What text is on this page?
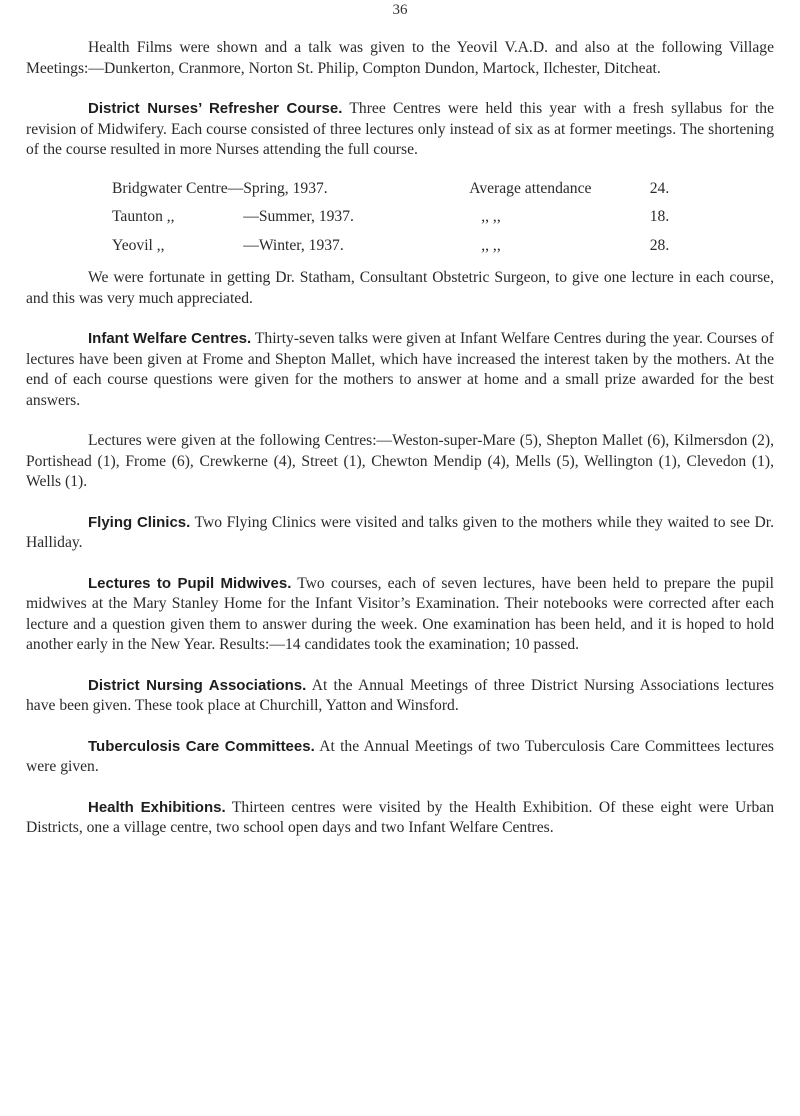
36

Health Films were shown and a talk was given to the Yeovil V.A.D. and also at the following Village Meetings:—Dunkerton, Cranmore, Norton St. Philip, Compton Dundon, Martock, Ilchester, Ditcheat.

District Nurses’ Refresher Course. Three Centres were held this year with a fresh syllabus for the revision of Midwifery. Each course consisted of three lectures only instead of six as at former meetings. The shortening of the course resulted in more Nurses attending the full course.

Bridgwater Centre—	Spring, 1937.	Average attendance	24.
Taunton ,,	—Summer, 1937.	,, ,,	18.
Yeovil ,,	—Winter, 1937.	,, ,,	28.

We were fortunate in getting Dr. Statham, Consultant Obstetric Surgeon, to give one lecture in each course, and this was very much appreciated.

Infant Welfare Centres. Thirty-seven talks were given at Infant Welfare Centres during the year. Courses of lectures have been given at Frome and Shepton Mallet, which have increased the interest taken by the mothers. At the end of each course questions were given for the mothers to answer at home and a small prize awarded for the best answers.

Lectures were given at the following Centres:—Weston-super-Mare (5), Shepton Mallet (6), Kilmersdon (2), Portishead (1), Frome (6), Crewkerne (4), Street (1), Chewton Mendip (4), Mells (5), Wellington (1), Clevedon (1), Wells (1).

Flying Clinics. Two Flying Clinics were visited and talks given to the mothers while they waited to see Dr. Halliday.

Lectures to Pupil Midwives. Two courses, each of seven lectures, have been held to prepare the pupil midwives at the Mary Stanley Home for the Infant Visitor’s Examination. Their notebooks were corrected after each lecture and a question given them to answer during the week. One examination has been held, and it is hoped to hold another early in the New Year. Results:—14 candidates took the examination; 10 passed.

District Nursing Associations. At the Annual Meetings of three District Nursing Associations lectures have been given. These took place at Churchill, Yatton and Winsford.

Tuberculosis Care Committees. At the Annual Meetings of two Tuberculosis Care Committees lectures were given.

Health Exhibitions. Thirteen centres were visited by the Health Exhibition. Of these eight were Urban Districts, one a village centre, two school open days and two Infant Welfare Centres.
